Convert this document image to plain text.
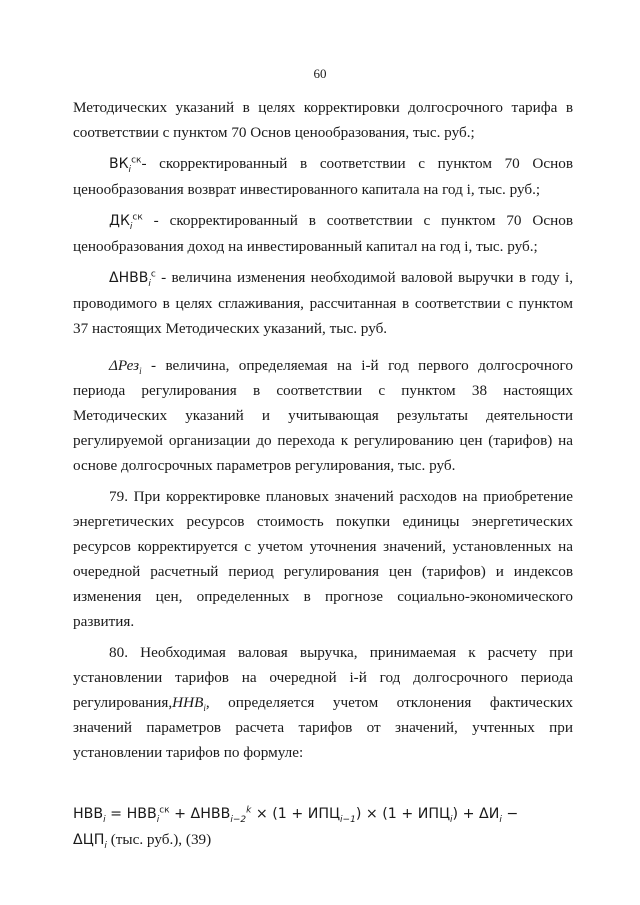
60

Методических указаний в целях корректировки долгосрочного тарифа в соответствии с пунктом 70 Основ ценообразования, тыс. руб.;

$ВК_i^{ск}-$ скорректированный в соответствии с пунктом 70 Основ ценообразования возврат инвестированного капитала на год i, тыс. руб.;

$ДК_i^{ск}$ - скорректированный в соответствии с пунктом 70 Основ ценообразования доход на инвестированный капитал на год i, тыс. руб.;

$\Delta НВВ_i^с$ - величина изменения необходимой валовой выручки в году i, проводимого в целях сглаживания, рассчитанная в соответствии с пунктом 37 настоящих Методических указаний, тыс. руб.

ΔРез$_i$ - величина, определяемая на i-й год первого долгосрочного периода регулирования в соответствии с пунктом 38 настоящих Методических указаний и учитывающая результаты деятельности регулируемой организации до перехода к регулированию цен (тарифов) на основе долгосрочных параметров регулирования, тыс. руб.

79. При корректировке плановых значений расходов на приобретение энергетических ресурсов стоимость покупки единицы энергетических ресурсов корректируется с учетом уточнения значений, установленных на очередной расчетный период регулирования цен (тарифов) и индексов изменения цен, определенных в прогнозе социально-экономического развития.

80. Необходимая валовая выручка, принимаемая к расчету при установлении тарифов на очередной i-й год долгосрочного периода $регулирования,ННВ_i$, определяется учетом отклонения фактических значений параметров расчета тарифов от значений, учтенных при установлении тарифов по формуле:

$НВВ_i = НВВ_i^{ск} + \Delta НВВ_{i-2}^k \times (1 + ИПЦ_{i-1}) \times (1 + ИПЦ_i) + \Delta И_i$ −
$\Delta ЦП_i$ (тыс. руб.), (39)
